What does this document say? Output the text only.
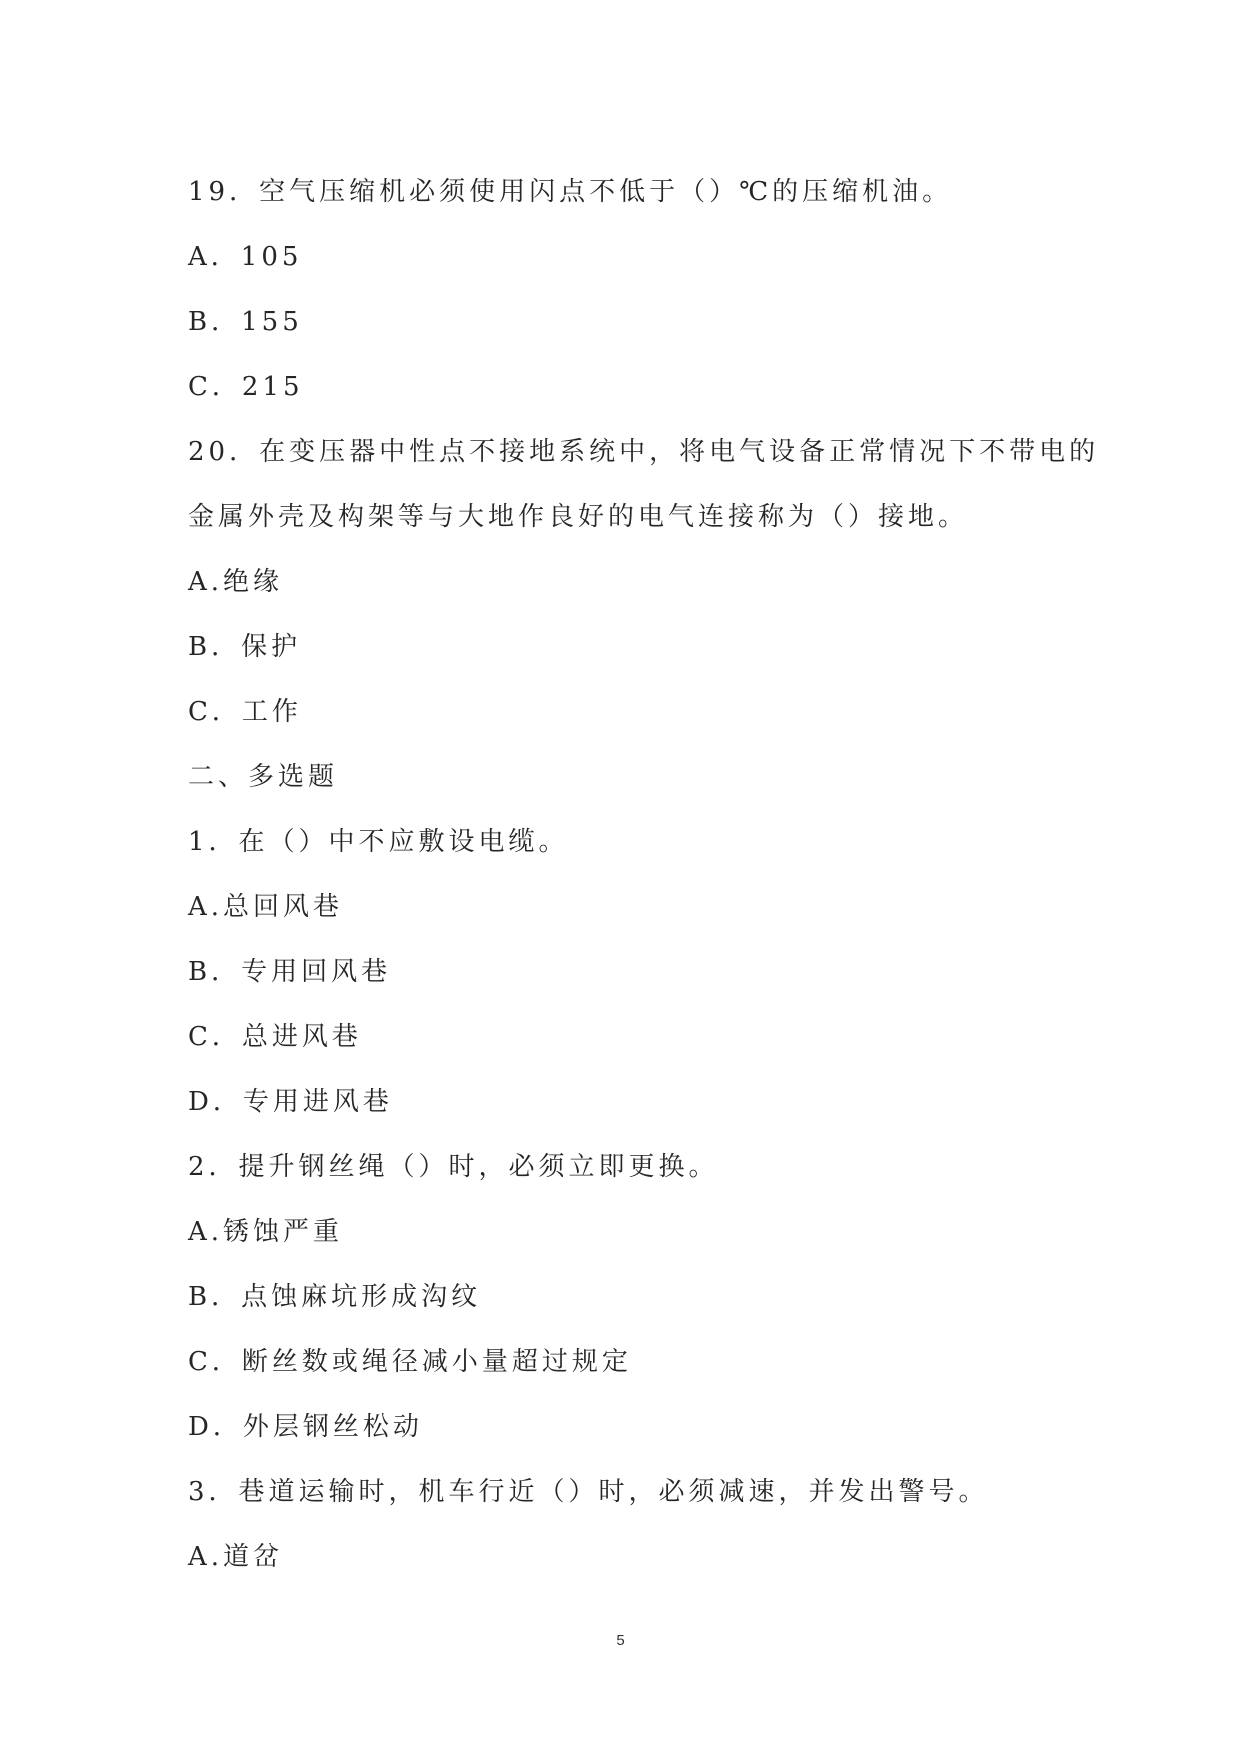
19．空气压缩机必须使用闪点不低于（）℃的压缩机油。
A．105
B．155
C．215
20．在变压器中性点不接地系统中，将电气设备正常情况下不带电的
金属外壳及构架等与大地作良好的电气连接称为（）接地。
A.绝缘
B．保护
C．工作
二、多选题
1．在（）中不应敷设电缆。
A.总回风巷
B．专用回风巷
C．总进风巷
D．专用进风巷
2．提升钢丝绳（）时，必须立即更换。
A.锈蚀严重
B．点蚀麻坑形成沟纹
C．断丝数或绳径减小量超过规定
D．外层钢丝松动
3．巷道运输时，机车行近（）时，必须减速，并发出警号。
A.道岔
5
